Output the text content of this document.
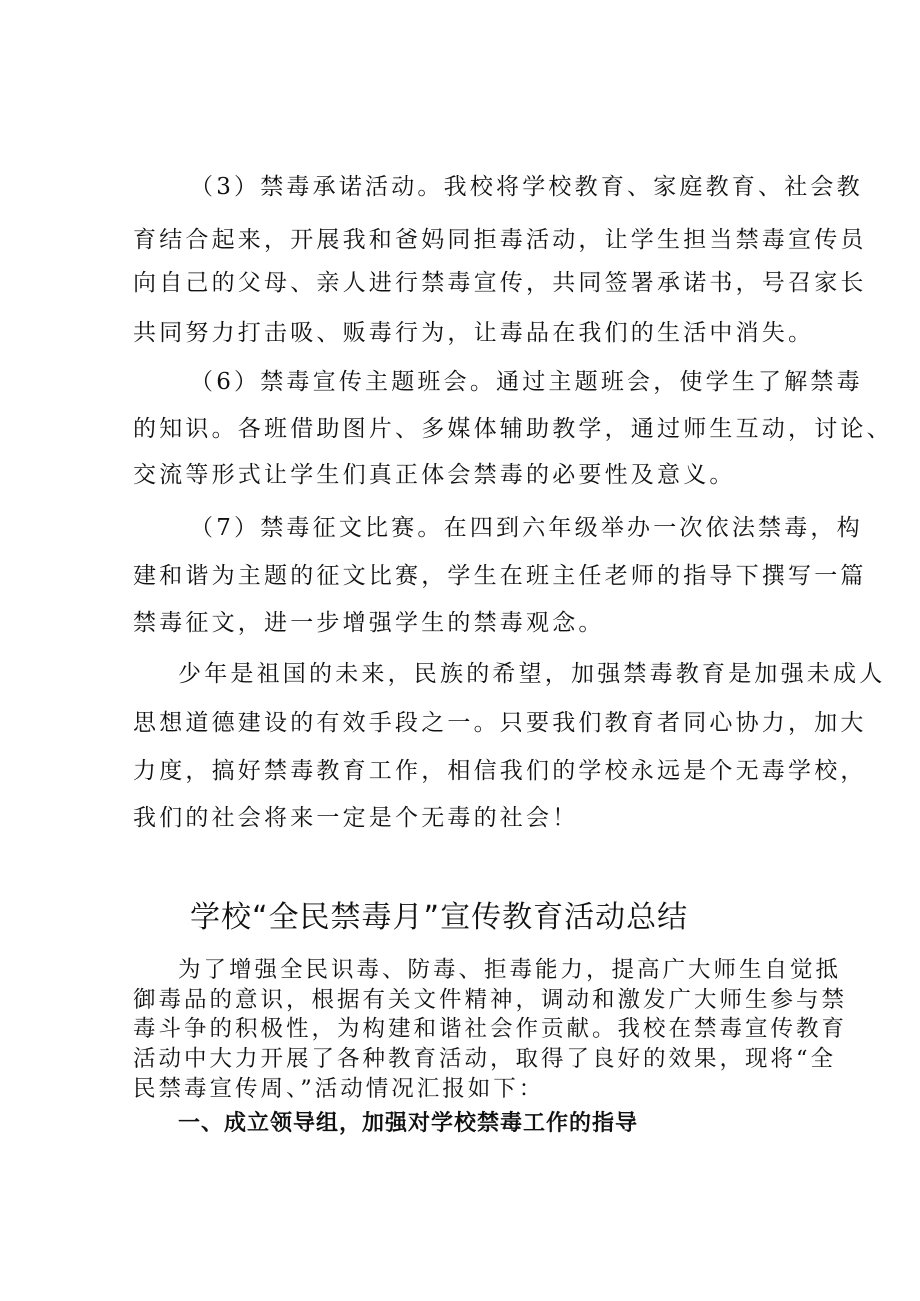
（3）禁毒承诺活动。我校将学校教育、家庭教育、社会教
育结合起来，开展我和爸妈同拒毒活动，让学生担当禁毒宣传员
向自己的父母、亲人进行禁毒宣传，共同签署承诺书，号召家长
共同努力打击吸、贩毒行为，让毒品在我们的生活中消失。
（6）禁毒宣传主题班会。通过主题班会，使学生了解禁毒
的知识。各班借助图片、多媒体辅助教学，通过师生互动，讨论、
交流等形式让学生们真正体会禁毒的必要性及意义。
（7）禁毒征文比赛。在四到六年级举办一次依法禁毒，构
建和谐为主题的征文比赛，学生在班主任老师的指导下撰写一篇
禁毒征文，进一步增强学生的禁毒观念。
少年是祖国的未来，民族的希望，加强禁毒教育是加强未成人
思想道德建设的有效手段之一。只要我们教育者同心协力，加大
力度，搞好禁毒教育工作，相信我们的学校永远是个无毒学校，
我们的社会将来一定是个无毒的社会！
学校“全民禁毒月”宣传教育活动总结
为了增强全民识毒、防毒、拒毒能力，提高广大师生自觉抵
御毒品的意识，根据有关文件精神，调动和激发广大师生参与禁
毒斗争的积极性，为构建和谐社会作贡献。我校在禁毒宣传教育
活动中大力开展了各种教育活动，取得了良好的效果，现将“全
民禁毒宣传周、”活动情况汇报如下：
一、成立领导组，加强对学校禁毒工作的指导
